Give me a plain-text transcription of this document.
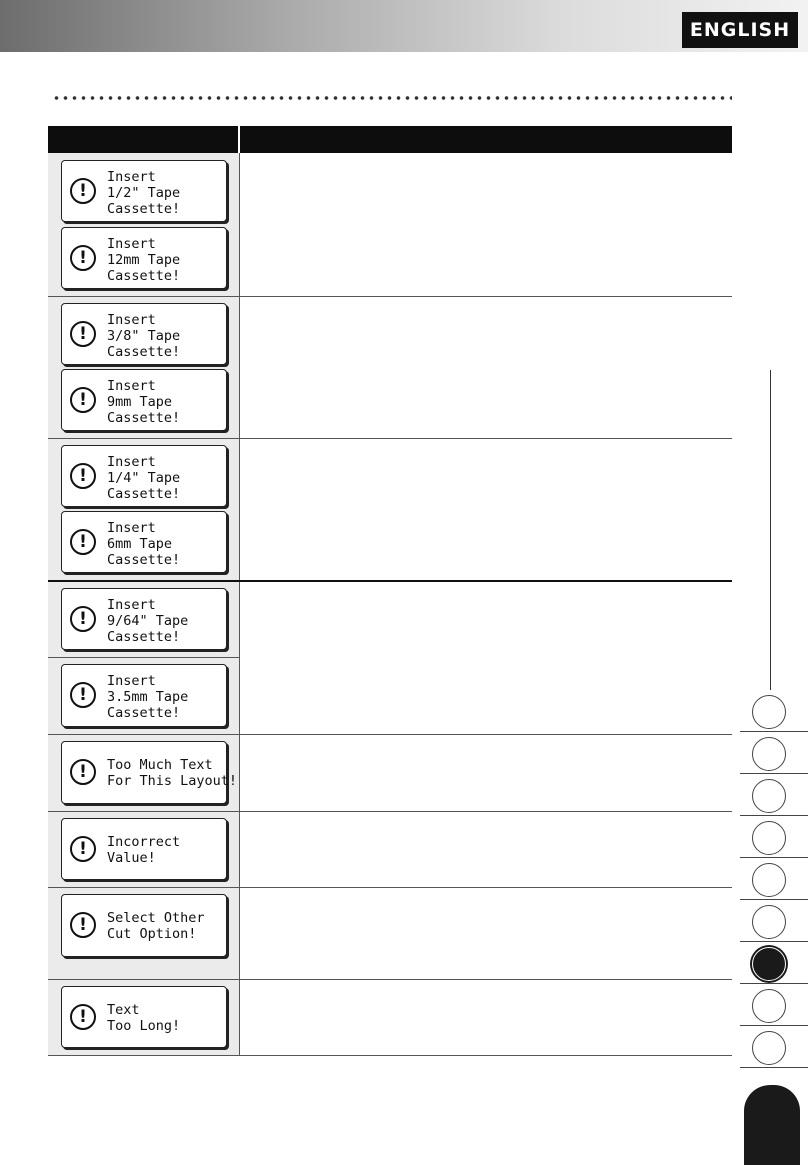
ENGLISH
!
Insert
1/2" Tape
Cassette!
!
Insert
12mm Tape
Cassette!
!
Insert
3/8" Tape
Cassette!
!
Insert
9mm Tape
Cassette!
!
Insert
1/4" Tape
Cassette!
!
Insert
6mm Tape
Cassette!
!
Insert
9/64" Tape
Cassette!
!
Insert
3.5mm Tape
Cassette!
!	Too Much Text
For This Layout!
!	Incorrect
Value!
!	Select Other
Cut Option!
!	Text
Too Long!
